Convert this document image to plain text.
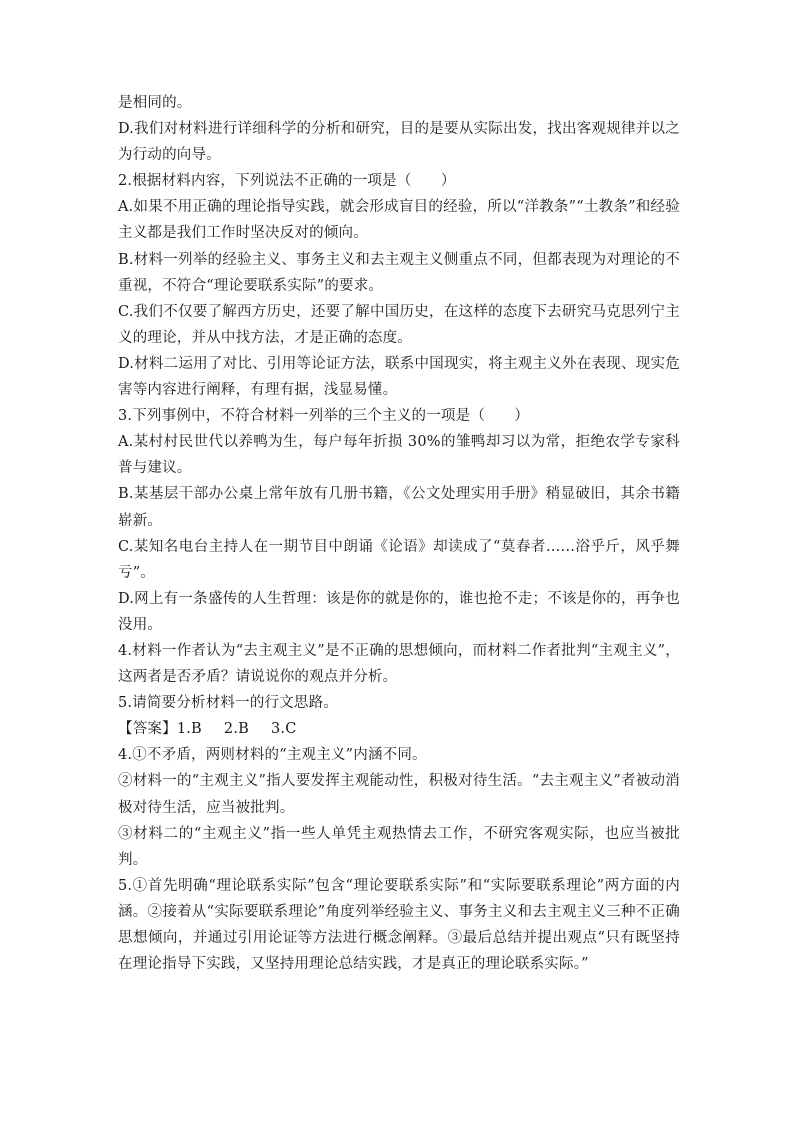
是相同的。

D.我们对材料进行详细科学的分析和研究，目的是要从实际出发，找出客观规律并以之为行动的向导。

2.根据材料内容，下列说法不正确的一项是（　　）

A.如果不用正确的理论指导实践，就会形成盲目的经验，所以“洋教条”“土教条”和经验主义都是我们工作时坚决反对的倾向。

B.材料一列举的经验主义、事务主义和去主观主义侧重点不同，但都表现为对理论的不重视，不符合“理论要联系实际”的要求。

C.我们不仅要了解西方历史，还要了解中国历史，在这样的态度下去研究马克思列宁主义的理论，并从中找方法，才是正确的态度。

D.材料二运用了对比、引用等论证方法，联系中国现实，将主观主义外在表现、现实危害等内容进行阐释，有理有据，浅显易懂。

3.下列事例中，不符合材料一列举的三个主义的一项是（　　）

A.某村村民世代以养鸭为生，每户每年折损 30%的雏鸭却习以为常，拒绝农学专家科普与建议。

B.某基层干部办公桌上常年放有几册书籍，《公文处理实用手册》稍显破旧，其余书籍崭新。

C.某知名电台主持人在一期节目中朗诵《论语》却读成了“莫春者……浴乎斤，风乎舞亏”。

D.网上有一条盛传的人生哲理：该是你的就是你的，谁也抢不走；不该是你的，再争也没用。

4.材料一作者认为“去主观主义”是不正确的思想倾向，而材料二作者批判“主观主义”，这两者是否矛盾？请说说你的观点并分析。

5.请简要分析材料一的行文思路。

【答案】1.B 2.B 3.C

4.①不矛盾，两则材料的“主观主义”内涵不同。

②材料一的“主观主义”指人要发挥主观能动性，积极对待生活。“去主观主义”者被动消极对待生活，应当被批判。

③材料二的“主观主义”指一些人单凭主观热情去工作，不研究客观实际，也应当被批判。

5.①首先明确“理论联系实际”包含“理论要联系实际”和“实际要联系理论”两方面的内涵。②接着从“实际要联系理论”角度列举经验主义、事务主义和去主观主义三种不正确思想倾向，并通过引用论证等方法进行概念阐释。③最后总结并提出观点“只有既坚持在理论指导下实践，又坚持用理论总结实践，才是真正的理论联系实际。”
